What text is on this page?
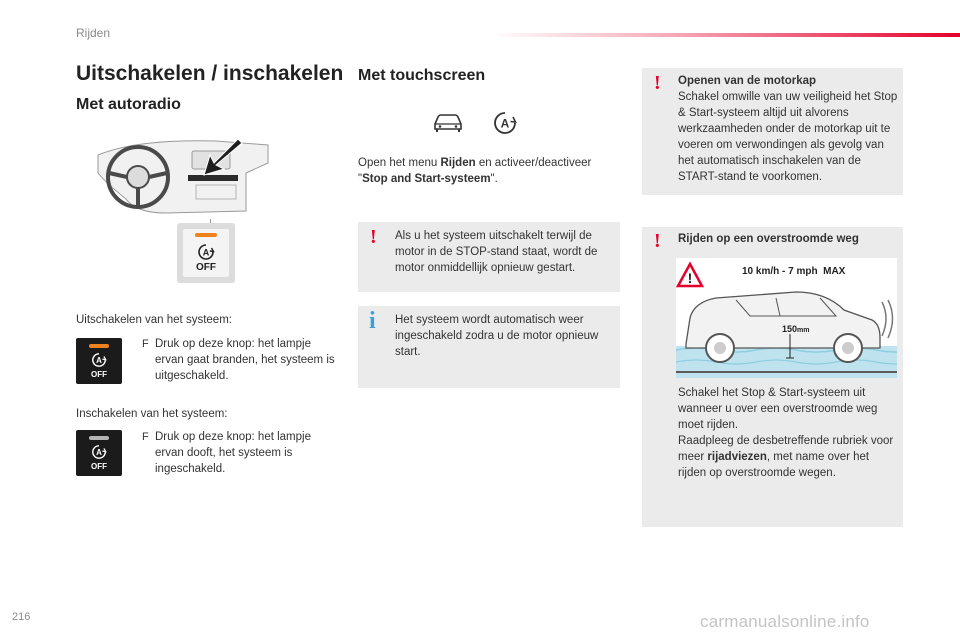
Rijden
216	carmanualsonline.info
Uitschakelen / inschakelen
Met autoradio
A
OFF
Uitschakelen van het systeem:
A
OFF
F Druk op deze knop: het lampje ervan gaat branden, het systeem is uitgeschakeld.
Inschakelen van het systeem:
A
OFF
F Druk op deze knop: het lampje ervan dooft, het systeem is ingeschakeld.
Met touchscreen
A
Open het menu Rijden en activeer/deactiveer "Stop and Start-systeem".
! Als u het systeem uitschakelt terwijl de motor in de STOP-stand staat, wordt de motor onmiddellijk opnieuw gestart.
i Het systeem wordt automatisch weer ingeschakeld zodra u de motor opnieuw start.
! Openen van de motorkap
Schakel omwille van uw veiligheid het Stop & Start-systeem altijd uit alvorens werkzaamheden onder de motorkap uit te voeren om verwondingen als gevolg van het automatisch inschakelen van de START-stand te voorkomen.
! Rijden op een overstroomde weg
!	10 km/h - 7 mph  MAX
150mm
Schakel het Stop & Start-systeem uit wanneer u over een overstroomde weg moet rijden.
Raadpleeg de desbetreffende rubriek voor meer rijadviezen, met name over het rijden op overstroomde wegen.
